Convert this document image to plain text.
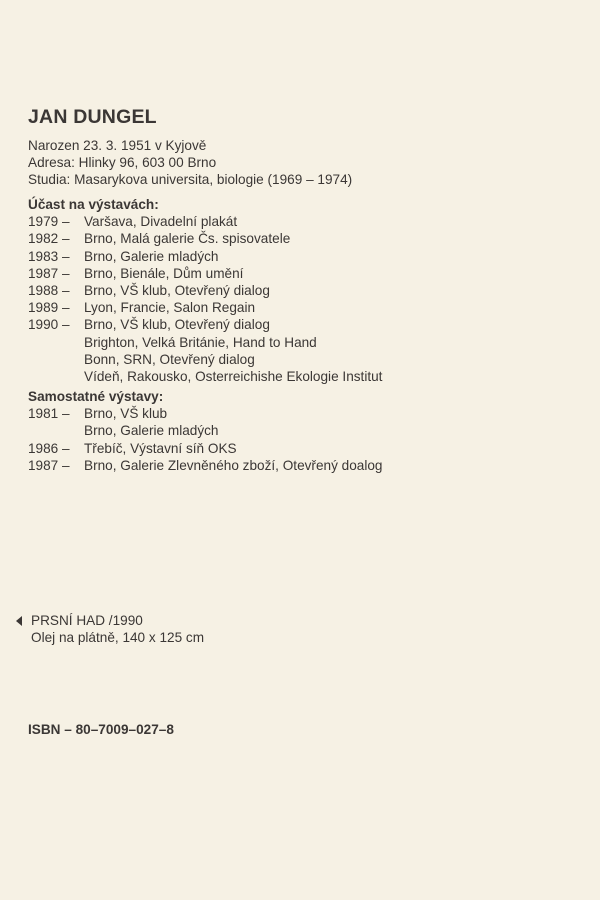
JAN DUNGEL
Narozen 23. 3. 1951 v Kyjově
Adresa: Hlinky 96, 603 00 Brno
Studia: Masarykova universita, biologie (1969 – 1974)
Účast na výstavách:
1979 –	Varšava, Divadelní plakát
1982 –	Brno, Malá galerie Čs. spisovatele
1983 –	Brno, Galerie mladých
1987 –	Brno, Bienále, Dům umění
1988 –	Brno, VŠ klub, Otevřený dialog
1989 –	Lyon, Francie, Salon Regain
1990 –	Brno, VŠ klub, Otevřený dialog
Brighton, Velká Británie, Hand to Hand
Bonn, SRN, Otevřený dialog
Vídeň, Rakousko, Osterreichishe Ekologie Institut
Samostatné výstavy:
1981 –	Brno, VŠ klub
Brno, Galerie mladých
1986 –	Třebíč, Výstavní síň OKS
1987 –	Brno, Galerie Zlevněného zboží, Otevřený doalog
PRSNÍ HAD /1990
Olej na plátně, 140 x 125 cm
ISBN – 80–7009–027–8
